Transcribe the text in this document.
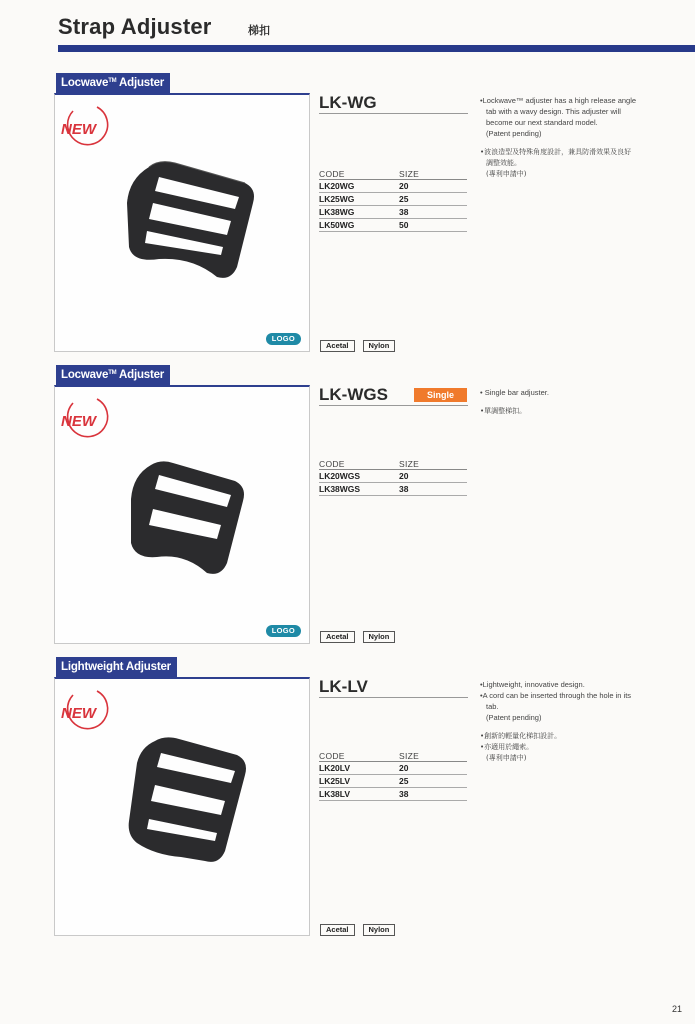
Strap Adjuster	梯扣
Locwave™ Adjuster
NEW
LOGO
LK-WG
CODE	SIZE
LK20WG	20
LK25WG	25
LK38WG	38
LK50WG	50
Acetal	Nylon

•Lockwave™ adjuster has a high release angle
tab with a wavy design. This adjuster will
become our next standard model.
(Patent pending)

•波浪造型及特殊角度設計，兼具防滑效果及良好
調整效能。
(專利申請中)

Locwave™ Adjuster
NEW
LOGO
LK-WGS	Single
CODE	SIZE
LK20WGS	20
LK38WGS	38
Acetal	Nylon

• Single bar adjuster.

•單調整梯扣。

Lightweight Adjuster
NEW
LK-LV
CODE	SIZE
LK20LV	20
LK25LV	25
LK38LV	38
Acetal	Nylon

•Lightweight, innovative design.
•A cord can be inserted through the hole in its
tab.
(Patent pending)

•創新的輕量化梯扣設計。
•亦適用於繩索。
(專利申請中)

21
